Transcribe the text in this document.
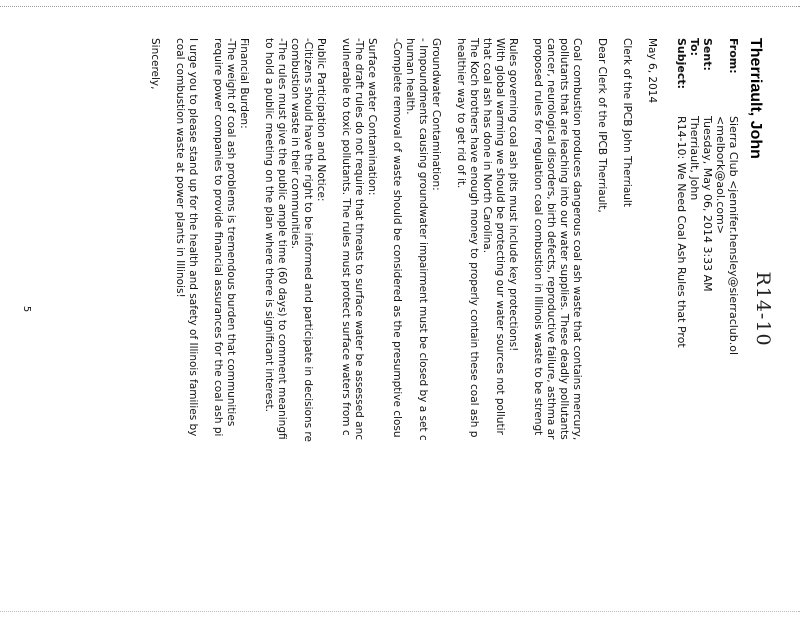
R14-10
Therriault, John
From:
Sierra Club <jennifer.hensley@sierraclub.ol
<melbork@aol.com>
Sent:
Tuesday, May 06, 2014 3:33 AM
To:
Therriault, John
Subject:
R14-10: We Need Coal Ash Rules that Prot

May 6, 2014

Clerk of the IPCB John Therriault

Dear Clerk of the IPCB Therriault,

Coal combustion produces dangerous coal ash waste that contains mercury,
pollutants that are leaching into our water supplies. These deadly pollutants
cancer, neurological disorders, birth defects, reproductive failure, asthma ar
proposed rules for regulation coal combustion in Illinois waste to be strengt
Rules governing coal ash pits must include key protections!
With global warming we should be protecting our water sources not pollutir
that coal ash has done in North Carolina.
The Koch brothers have enough money to properly contain these coal ash p
healthier way to get rid of it.
Groundwater Contamination:
- Impoundments causing groundwater impairment must be closed by a set c
human health.
-Complete removal of waste should be considered as the presumptive closu
Surface water Contamination:
-The draft rules do not require that threats to surface water be assessed anc
vulnerable to toxic pollutants. The rules must protect surface waters from c
Public Participation and Notice:
-Citizens should have the right to be informed and participate in decisions re
combustion waste in their communities.
-The rules must give the public ample time (60 days) to comment meaningfi
to hold a public meeting on the plan where there is significant interest.
Financial Burden:
-The weight of coal ash problems is tremendous burden that communities
require power companies to provide financial assurances for the coal ash pi
I urge you to please stand up for the health and safety of Illinois families by
coal combustion waste at power plants in Illinois!

Sincerely,

5
